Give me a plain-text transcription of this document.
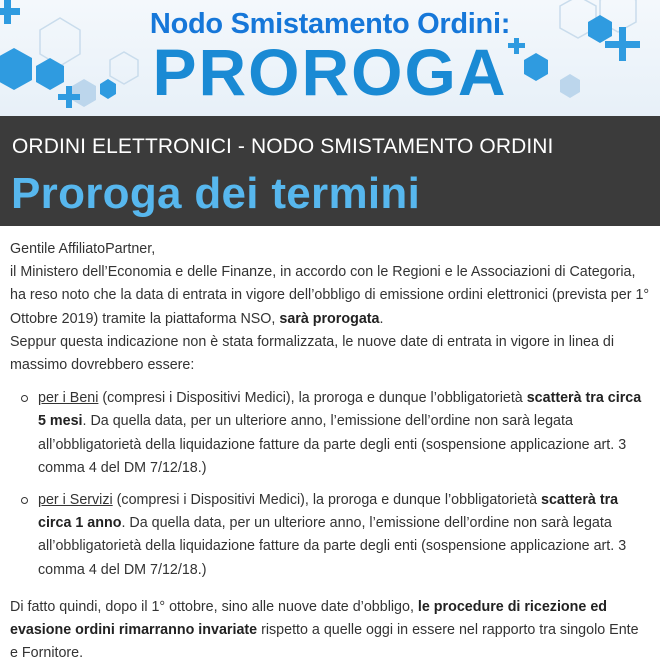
Nodo Smistamento Ordini:
PROROGA
ORDINI ELETTRONICI - NODO SMISTAMENTO ORDINI
Proroga dei termini

Gentile AffiliatoPartner,

il Ministero dell’Economia e delle Finanze, in accordo con le Regioni e le Associazioni di Categoria, ha reso noto che la data di entrata in vigore dell’obbligo di emissione ordini elettronici (prevista per 1° Ottobre 2019) tramite la piattaforma NSO, sarà prorogata.

Seppur questa indicazione non è stata formalizzata, le nuove date di entrata in vigore in linea di massimo dovrebbero essere:

per i Beni (compresi i Dispositivi Medici), la proroga e dunque l’obbligatorietà scatterà tra circa 5 mesi. Da quella data, per un ulteriore anno, l’emissione dell’ordine non sarà legata all’obbligatorietà della liquidazione fatture da parte degli enti (sospensione applicazione art. 3 comma 4 del DM 7/12/18.)
per i Servizi (compresi i Dispositivi Medici), la proroga e dunque l’obbligatorietà scatterà tra circa 1 anno. Da quella data, per un ulteriore anno, l’emissione dell’ordine non sarà legata all’obbligatorietà della liquidazione fatture da parte degli enti (sospensione applicazione art. 3 comma 4 del DM 7/12/18.)

Di fatto quindi, dopo il 1° ottobre, sino alle nuove date d’obbligo, le procedure di ricezione ed evasione ordini rimarranno invariate rispetto a quelle oggi in essere nel rapporto tra singolo Ente e Fornitore.
